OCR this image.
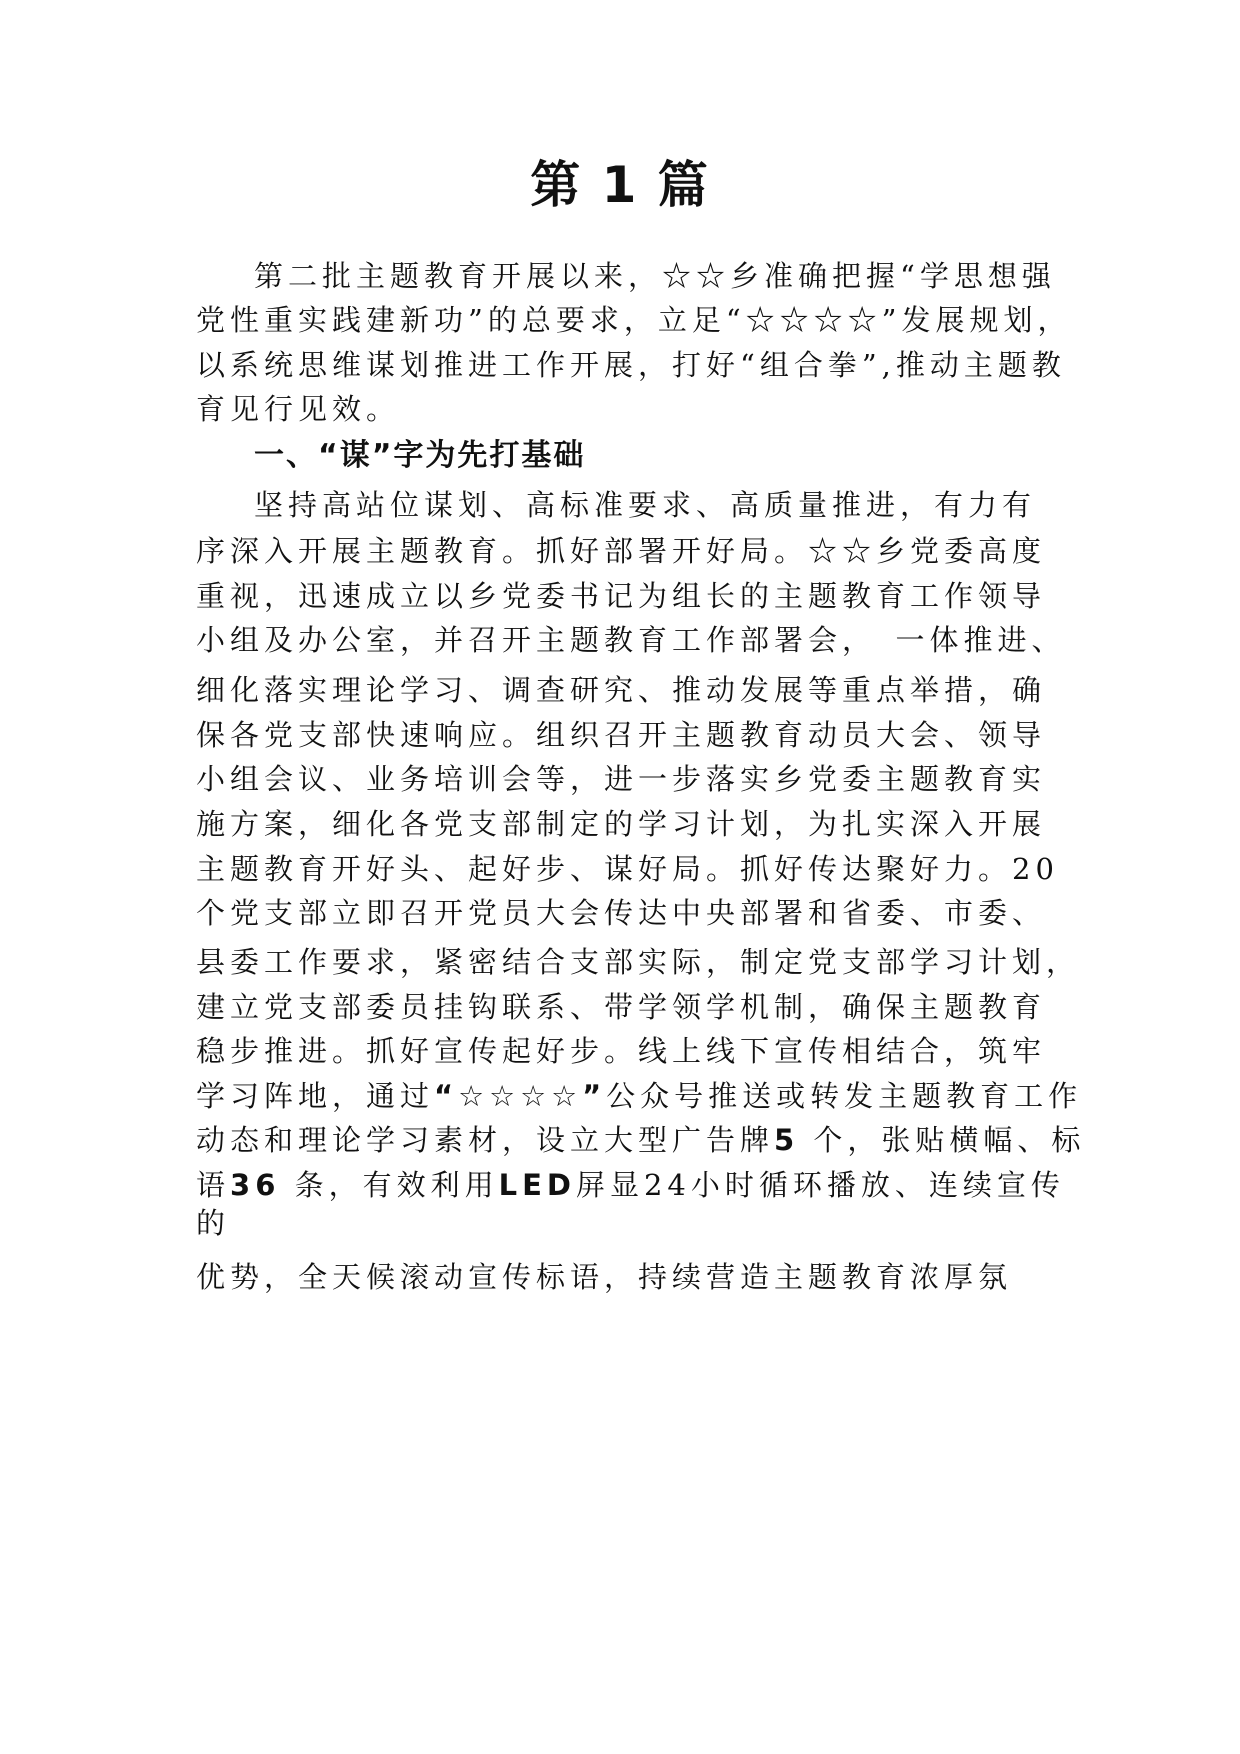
第 1 篇
第二批主题教育开展以来，☆☆乡准确把握“学思想强
党性重实践建新功”的总要求，立足“☆☆☆☆”发展规划，
以系统思维谋划推进工作开展，打好“组合拳”,推动主题教
育见行见效。
一、“谋”字为先打基础
坚持高站位谋划、高标准要求、高质量推进，有力有
序深入开展主题教育。抓好部署开好局。☆☆乡党委高度
重视，迅速成立以乡党委书记为组长的主题教育工作领导
小组及办公室，并召开主题教育工作部署会，　一体推进、
细化落实理论学习、调查研究、推动发展等重点举措，确
保各党支部快速响应。组织召开主题教育动员大会、领导
小组会议、业务培训会等，进一步落实乡党委主题教育实
施方案，细化各党支部制定的学习计划，为扎实深入开展
主题教育开好头、起好步、谋好局。抓好传达聚好力。20
个党支部立即召开党员大会传达中央部署和省委、市委、
县委工作要求，紧密结合支部实际，制定党支部学习计划，
建立党支部委员挂钩联系、带学领学机制，确保主题教育
稳步推进。抓好宣传起好步。线上线下宣传相结合，筑牢
学习阵地，通过“☆☆☆☆”公众号推送或转发主题教育工作
动态和理论学习素材，设立大型广告牌5 个，张贴横幅、标
语36 条，有效利用LED屏显24小时循环播放、连续宣传
的
优势，全天候滚动宣传标语，持续营造主题教育浓厚氛
